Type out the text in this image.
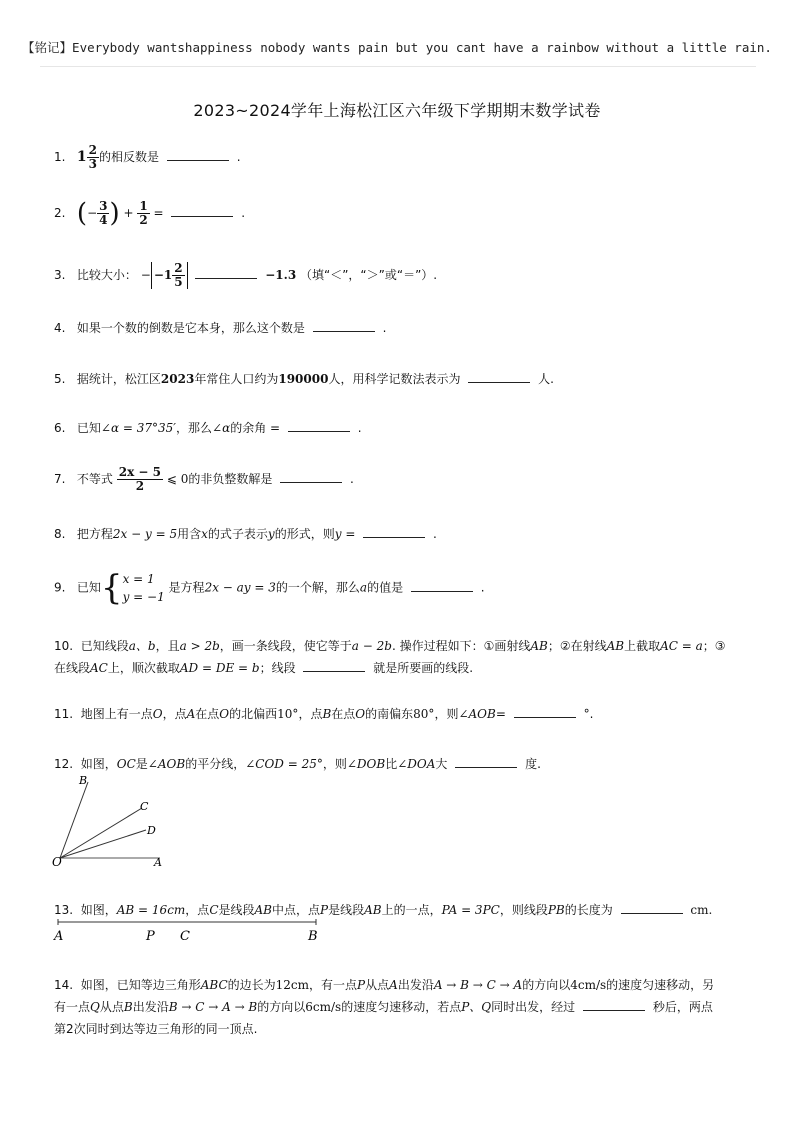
【铭记】Everybody wantshappiness nobody wants pain but you cant have a rainbow without a little rain.
2023~2024学年上海松江区六年级下学期期末数学试卷
1. $1 \frac{2}{3}$ 的相反数是	.
2. (− $\frac{3}{4}$ ) + $\frac{1}{2}$ =	.
3. 比较大小： − $-1 \frac{2}{5}$	−1.3 （填“＜”，“＞”或“＝”）.
4. 如果一个数的倒数是它本身，那么这个数是	.
5. 据统计，松江区2023年常住人口约为190000人，用科学记数法表示为	人.
6. 已知∠α = 37°35′，那么∠α的余角 =	.
7. 不等式 $\frac{2x - 5}{2}$ ⩽ 0的非负整数解是	.
8. 把方程2x − y = 5用含x的式子表示y的形式，则y =	.
9. 已知{ x = 1
y = −1
是方程2x − ay = 3的一个解，那么a的值是	.
10. 已知线段a、b，且a > 2b，画一条线段，使它等于a − 2b. 操作过程如下：①画射线AB；②在射线AB上截取AC = a；③
在线段AC上，顺次截取AD = DE = b；线段	就是所要画的线段.
11. 地图上有一点O，点A在点O的北偏西10°，点B在点O的南偏东80°，则∠AOB=	°.
12. 如图，OC是∠AOB的平分线，∠COD = 25°，则∠DOB比∠DOA大	度.
O	A
B
C
D
13. 如图，AB = 16cm，点C是线段AB中点，点P是线段AB上的一点，PA = 3PC，则线段PB的长度为	cm.
A	P C	B
14. 如图，已知等边三角形ABC的边长为12cm，有一点P从点A出发沿A → B → C → A的方向以4cm/s的速度匀速移动，另
有一点Q从点B出发沿B → C → A → B的方向以6cm/s的速度匀速移动，若点P、Q同时出发，经过	秒后，两点
第2次同时到达等边三角形的同一顶点.
